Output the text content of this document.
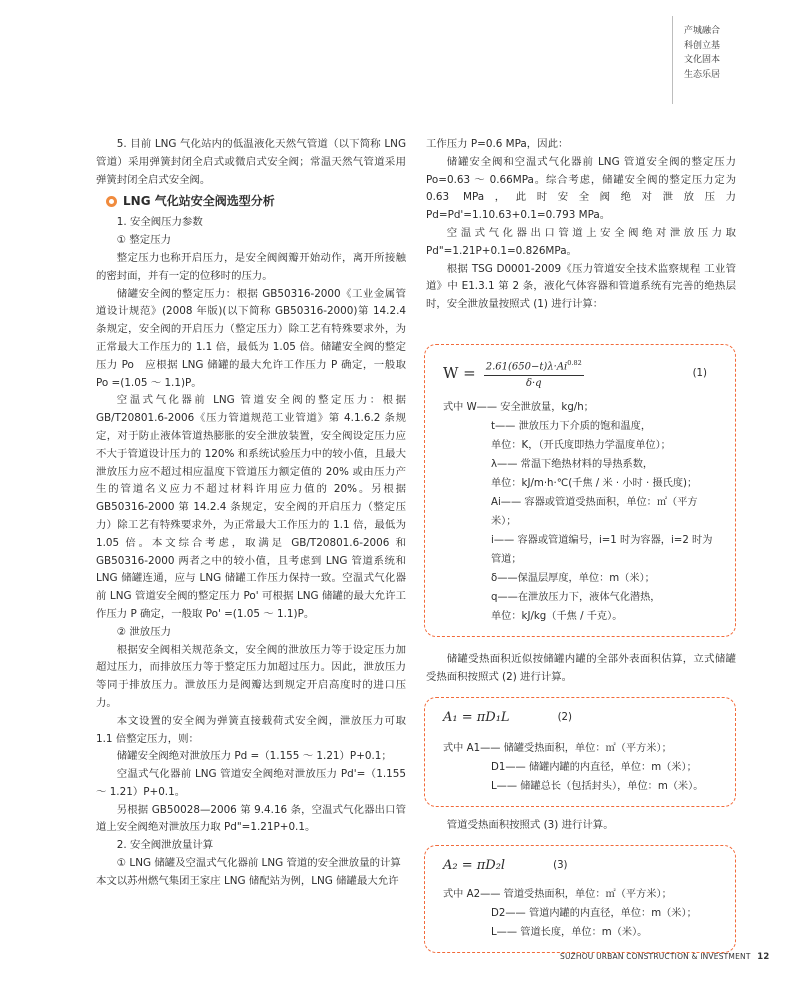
产城融合
科创立基
文化固本
生态乐居

5. 目前 LNG 气化站内的低温液化天然气管道（以下简称 LNG 管道）采用弹簧封闭全启式或微启式安全阀；常温天然气管道采用弹簧封闭全启式安全阀。

LNG 气化站安全阀选型分析

1. 安全阀压力参数

① 整定压力

整定压力也称开启压力，是安全阀阀瓣开始动作，离开所接触的密封面，并有一定的位移时的压力。

储罐安全阀的整定压力：根据 GB50316-2000《工业金属管道设计规范》(2008 年版)(以下简称 GB50316-2000)第 14.2.4 条规定，安全阀的开启压力（整定压力）除工艺有特殊要求外，为正常最大工作压力的 1.1 倍，最低为 1.05 倍。储罐安全阀的整定压力 Po　应根据 LNG 储罐的最大允许工作压力 P 确定，一般取 Po =(1.05 ～ 1.1)P。

空温式气化器前 LNG 管道安全阀的整定压力：根据 GB/T20801.6-2006《压力管道规范工业管道》第 4.1.6.2 条规定，对于防止液体管道热膨胀的安全泄放装置，安全阀设定压力应不大于管道设计压力的 120% 和系统试验压力中的较小值，且最大泄放压力应不超过相应温度下管道压力额定值的 20% 或由压力产生的管道名义应力不超过材料许用应力值的 20%。另根据 GB50316-2000 第 14.2.4 条规定，安全阀的开启压力（整定压力）除工艺有特殊要求外，为正常最大工作压力的 1.1 倍，最低为 1.05 倍。本文综合考虑，取满足 GB/T20801.6-2006 和 GB50316-2000 两者之中的较小值，且考虑到 LNG 管道系统和 LNG 储罐连通，应与 LNG 储罐工作压力保持一致。空温式气化器前 LNG 管道安全阀的整定压力 Po' 可根据 LNG 储罐的最大允许工作压力 P 确定，一般取 Po' =(1.05 ～ 1.1)P。

② 泄放压力

根据安全阀相关规范条文，安全阀的泄放压力等于设定压力加超过压力，而排放压力等于整定压力加超过压力。因此，泄放压力等同于排放压力。泄放压力是阀瓣达到规定开启高度时的进口压力。

本文设置的安全阀为弹簧直接载荷式安全阀，泄放压力可取 1.1 倍整定压力，则：

储罐安全阀绝对泄放压力 Pd =（1.155 ～ 1.21）P+0.1；

空温式气化器前 LNG 管道安全阀绝对泄放压力 Pd'=（1.155 ～ 1.21）P+0.1。

另根据 GB50028—2006 第 9.4.16 条，空温式气化器出口管道上安全阀绝对泄放压力取 Pd"=1.21P+0.1。

2. 安全阀泄放量计算

① LNG 储罐及空温式气化器前 LNG 管道的安全泄放量的计算

本文以苏州燃气集团王家庄 LNG 储配站为例，LNG 储罐最大允许

工作压力 P=0.6 MPa，因此：

储罐安全阀和空温式气化器前 LNG 管道安全阀的整定压力 Po=0.63 ～ 0.66MPa。综合考虑，储罐安全阀的整定压力定为 0.63 MPa，此时安全阀绝对泄放压力 Pd=Pd'=1.10.63+0.1=0.793 MPa。

空温式气化器出口管道上安全阀绝对泄放压力取 Pd"=1.21P+0.1=0.826MPa。

根据 TSG D0001-2009《压力管道安全技术监察规程 工业管道》中 E1.3.1 第 2 条，液化气体容器和管道系统有完善的绝热层时，安全泄放量按照式 (1) 进行计算：

$W = \frac{2.61(650-t)\lambda\cdot Ai^{0.82}}{\delta\cdot q}$	(1)
式中 W—— 安全泄放量，kg/h；
t—— 泄放压力下介质的饱和温度，
单位：K，（开氏度即热力学温度单位）；
λ—— 常温下绝热材料的导热系数，
单位：kJ/m·h·℃(千焦 / 米 · 小时 · 摄氏度)；
Ai—— 容器或管道受热面积，单位：㎡（平方米）；
i—— 容器或管道编号，i=1 时为容器，i=2 时为管道；
δ——保温层厚度，单位：m（米）；
q——在泄放压力下，液体气化潜热，
单位：kJ/kg（千焦 / 千克）。

储罐受热面积近似按储罐内罐的全部外表面积估算，立式储罐受热面积按照式 (2) 进行计算。

A₁ = πD₁L	(2)
式中 A1—— 储罐受热面积，单位：㎡（平方米）；
D1—— 储罐内罐的内直径，单位：m（米）；
L—— 储罐总长（包括封头），单位：m（米）。

管道受热面积按照式 (3) 进行计算。

A₂ = πD₂l	(3)
式中 A2—— 管道受热面积，单位：㎡（平方米）；
D2—— 管道内罐的内直径，单位：m（米）；
L—— 管道长度，单位：m（米）。
SUZHOU URBAN CONSTRUCTION & INVESTMENT 12
